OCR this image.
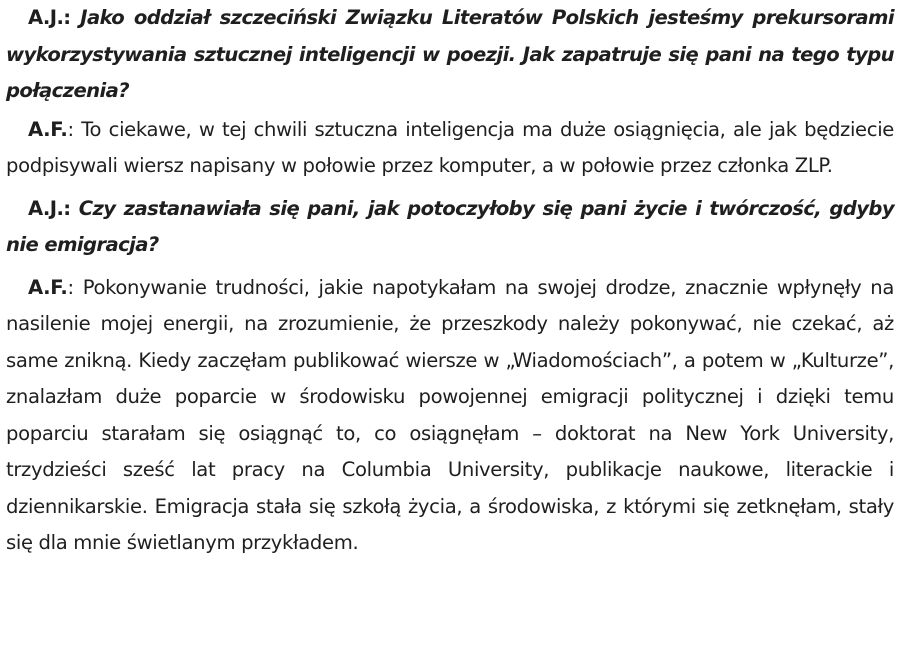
A.J.: Jako oddział szczeciński Związku Literatów Polskich jesteśmy prekursorami wykorzystywania sztucznej inteligencji w poezji. Jak zapatruje się pani na tego typu połączenia?

A.F.: To ciekawe, w tej chwili sztuczna inteligencja ma duże osiągnięcia, ale jak będziecie podpisywali wiersz napisany w połowie przez komputer, a w połowie przez członka ZLP.

A.J.: Czy zastanawiała się pani, jak potoczyłoby się pani życie i twórczość, gdyby nie emigracja?

A.F.: Pokonywanie trudności, jakie napotykałam na swojej drodze, znacznie wpłynęły na nasilenie mojej energii, na zrozumienie, że przeszkody należy pokonywać, nie czekać, aż same znikną. Kiedy zaczęłam publikować wiersze w „Wiadomościach”, a potem w „Kulturze”, znalazłam duże poparcie w środowisku powojennej emigracji politycznej i dzięki temu poparciu starałam się osiągnąć to, co osiągnęłam – doktorat na New York University, trzydzieści sześć lat pracy na Columbia University, publikacje naukowe, literackie i dziennikarskie. Emigracja stała się szkołą życia, a środowiska, z którymi się zetknęłam, stały się dla mnie świetlanym przykładem.
